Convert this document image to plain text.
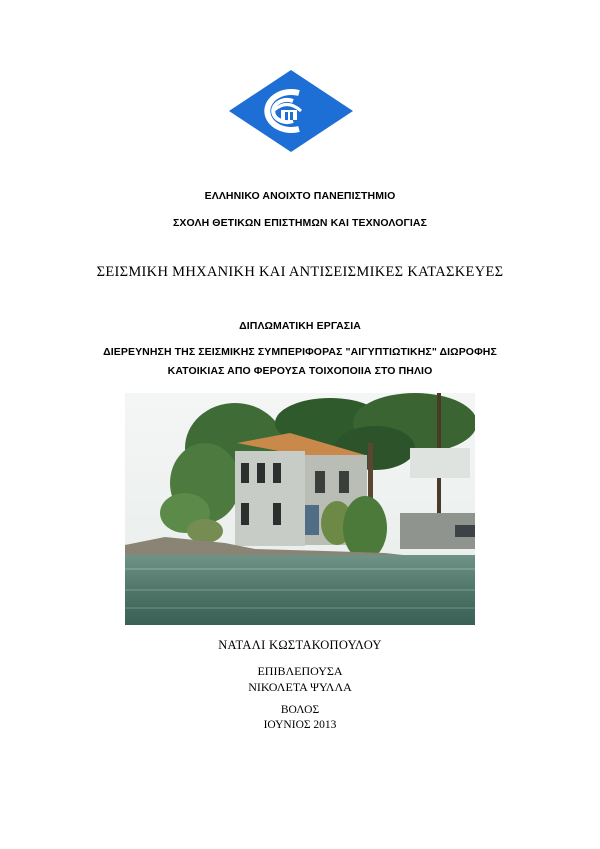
ΕΛΛΗΝΙΚΟ ΑΝΟΙΧΤΟ ΠΑΝΕΠΙΣΤΗΜΙΟ
ΣΧΟΛΗ ΘΕΤΙΚΩΝ ΕΠΙΣΤΗΜΩΝ ΚΑΙ ΤΕΧΝΟΛΟΓΙΑΣ
ΣΕΙΣΜΙΚΗ ΜΗΧΑΝΙΚΗ ΚΑΙ ΑΝΤΙΣΕΙΣΜΙΚΕΣ ΚΑΤΑΣΚΕΥΕΣ
ΔΙΠΛΩΜΑΤΙΚΗ ΕΡΓΑΣΙΑ
ΔΙΕΡΕΥΝΗΣΗ ΤΗΣ ΣΕΙΣΜΙΚΗΣ ΣΥΜΠΕΡΙΦΟΡΑΣ "ΑΙΓΥΠΤΙΩΤΙΚΗΣ" ΔΙΩΡΟΦΗΣ
ΚΑΤΟΙΚΙΑΣ ΑΠΟ ΦΕΡΟΥΣΑ ΤΟΙΧΟΠΟΙΙΑ ΣΤΟ ΠΗΛΙΟ
ΝΑΤΑΛΙ ΚΩΣΤΑΚΟΠΟΥΛΟΥ
ΕΠΙΒΛΕΠΟΥΣΑ
ΝΙΚΟΛΕΤΑ ΨΥΛΛΑ
ΒΟΛΟΣ
ΙΟΥΝΙΟΣ 2013
